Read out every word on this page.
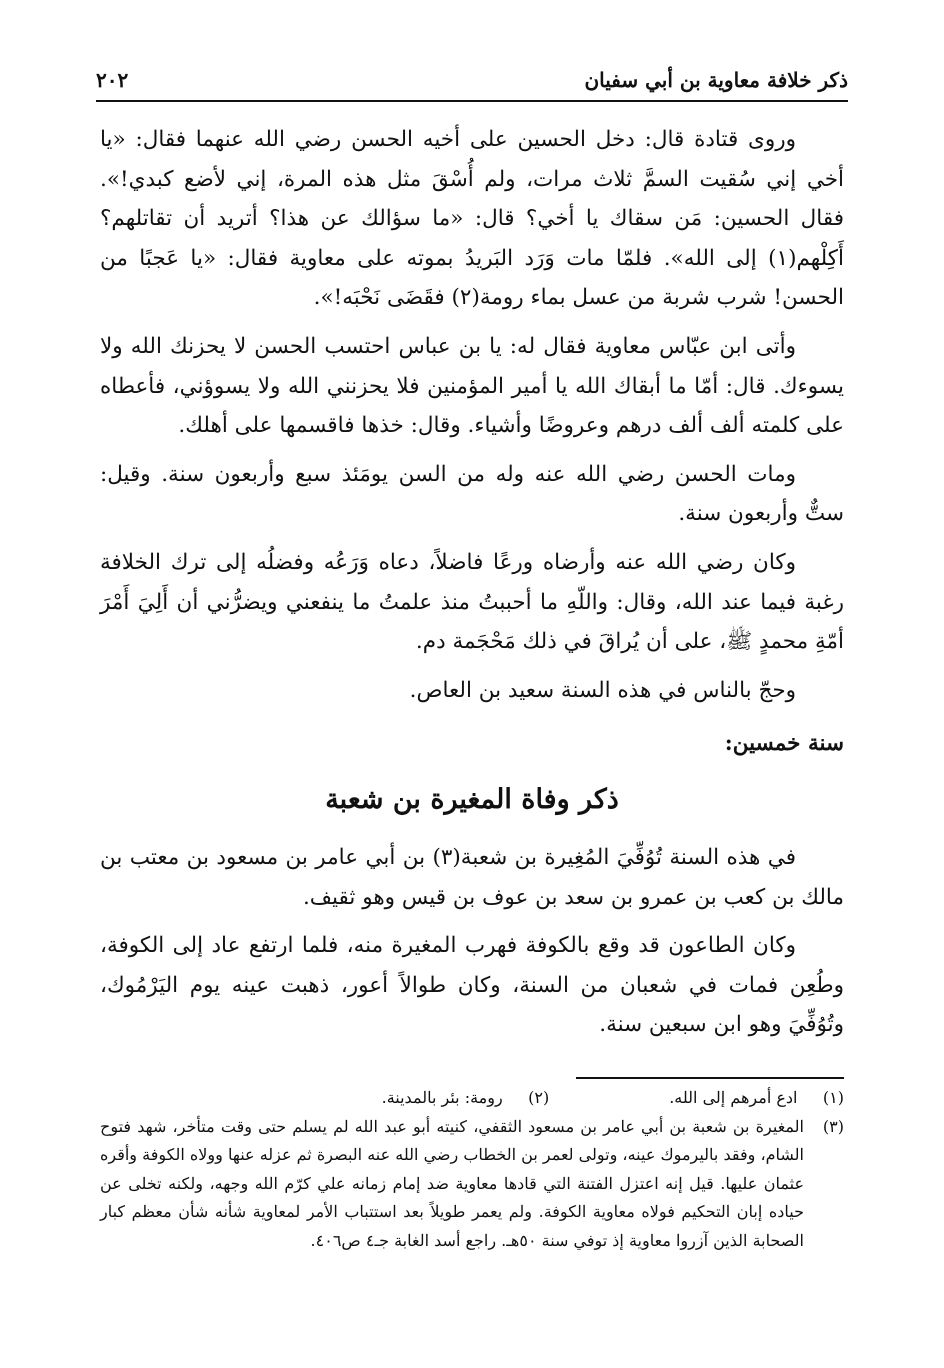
ذكر خلافة معاوية بن أبي سفيان
٢٠٢

وروى قتادة قال: دخل الحسين على أخيه الحسن رضي الله عنهما فقال: «يا أخي إني سُقيت السمَّ ثلاث مرات، ولم أُسْقَ مثل هذه المرة، إني لأضع كبدي!». فقال الحسين: مَن سقاك يا أخي؟ قال: «ما سؤالك عن هذا؟ أتريد أن تقاتلهم؟ أَكِلْهم(١) إلى الله». فلمّا مات وَرَد البَريدُ بموته على معاوية فقال: «يا عَجبًا من الحسن! شرب شربة من عسل بماء رومة(٢) فقَضَى نَحْبَه!».

وأتى ابن عبّاس معاوية فقال له: يا بن عباس احتسب الحسن لا يحزنك الله ولا يسوءك. قال: أمّا ما أبقاك الله يا أمير المؤمنين فلا يحزنني الله ولا يسوؤني، فأعطاه على كلمته ألف ألف درهم وعروضًا وأشياء. وقال: خذها فاقسمها على أهلك.

ومات الحسن رضي الله عنه وله من السن يومَئذ سبع وأربعون سنة. وقيل: ستٌّ وأربعون سنة.

وكان رضي الله عنه وأرضاه ورعًا فاضلاً، دعاه وَرَعُه وفضلُه إلى ترك الخلافة رغبة فيما عند الله، وقال: واللّهِ ما أحببتُ منذ علمتُ ما ينفعني ويضرُّني أن أَلِيَ أَمْرَ أمّةِ محمدٍ ﷺ، على أن يُراقَ في ذلك مَحْجَمة دم.

وحجّ بالناس في هذه السنة سعيد بن العاص.

سنة خمسين:
ذكر وفاة المغيرة بن شعبة

في هذه السنة تُوُفِّيَ المُغِيرة بن شعبة(٣) بن أبي عامر بن مسعود بن معتب بن مالك بن كعب بن عمرو بن سعد بن عوف بن قيس وهو ثقيف.

وكان الطاعون قد وقع بالكوفة فهرب المغيرة منه، فلما ارتفع عاد إلى الكوفة، وطُعِن فمات في شعبان من السنة، وكان طوالاً أعور، ذهبت عينه يوم اليَرْمُوك، وتُوُفِّيَ وهو ابن سبعين سنة.

(١)     ادع أمرهم إلى الله.
(٢)     رومة: بئر بالمدينة.
(٣)
المغيرة بن شعبة بن أبي عامر بن مسعود الثقفي، كنيته أبو عبد الله لم يسلم حتى وقت متأخر، شهد فتوح الشام، وفقد باليرموك عينه، وتولى لعمر بن الخطاب رضي الله عنه البصرة ثم عزله عنها وولاه الكوفة وأقره عثمان عليها. قيل إنه اعتزل الفتنة التي قادها معاوية ضد إمام زمانه علي كرّم الله وجهه، ولكنه تخلى عن حياده إبان التحكيم فولاه معاوية الكوفة. ولم يعمر طويلاً بعد استتباب الأمر لمعاوية شأنه شأن معظم كبار الصحابة الذين آزروا معاوية إذ توفي سنة ٥٠هـ. راجع أسد الغابة جـ٤ ص٤٠٦.
